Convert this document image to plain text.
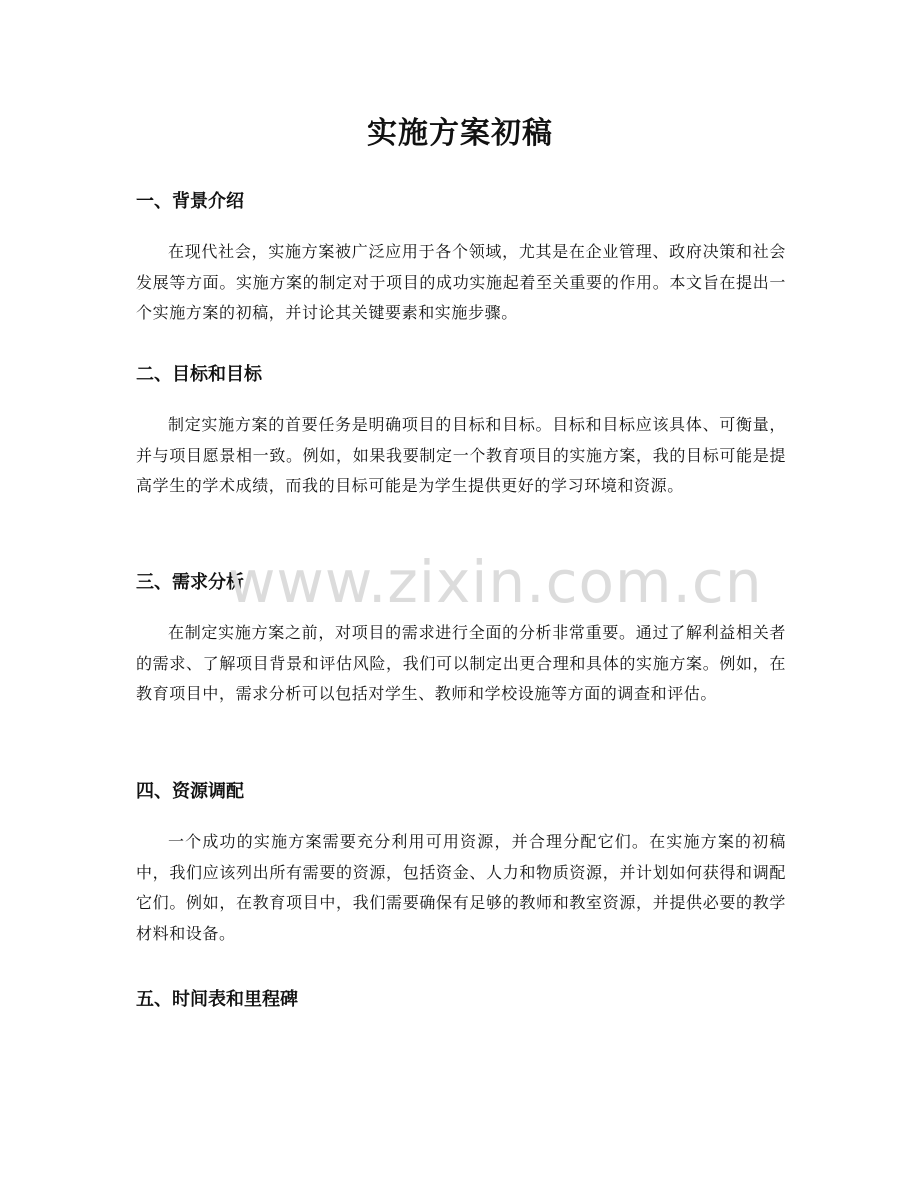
实施方案初稿
一、背景介绍

在现代社会，实施方案被广泛应用于各个领域，尤其是在企业管理、政府决策和社会发展等方面。实施方案的制定对于项目的成功实施起着至关重要的作用。本文旨在提出一个实施方案的初稿，并讨论其关键要素和实施步骤。

二、目标和目标

制定实施方案的首要任务是明确项目的目标和目标。目标和目标应该具体、可衡量，并与项目愿景相一致。例如，如果我要制定一个教育项目的实施方案，我的目标可能是提高学生的学术成绩，而我的目标可能是为学生提供更好的学习环境和资源。

三、需求分析

在制定实施方案之前，对项目的需求进行全面的分析非常重要。通过了解利益相关者的需求、了解项目背景和评估风险，我们可以制定出更合理和具体的实施方案。例如，在教育项目中，需求分析可以包括对学生、教师和学校设施等方面的调查和评估。

四、资源调配

一个成功的实施方案需要充分利用可用资源，并合理分配它们。在实施方案的初稿中，我们应该列出所有需要的资源，包括资金、人力和物质资源，并计划如何获得和调配它们。例如，在教育项目中，我们需要确保有足够的教师和教室资源，并提供必要的教学材料和设备。

五、时间表和里程碑
www.zixin.com.cn
